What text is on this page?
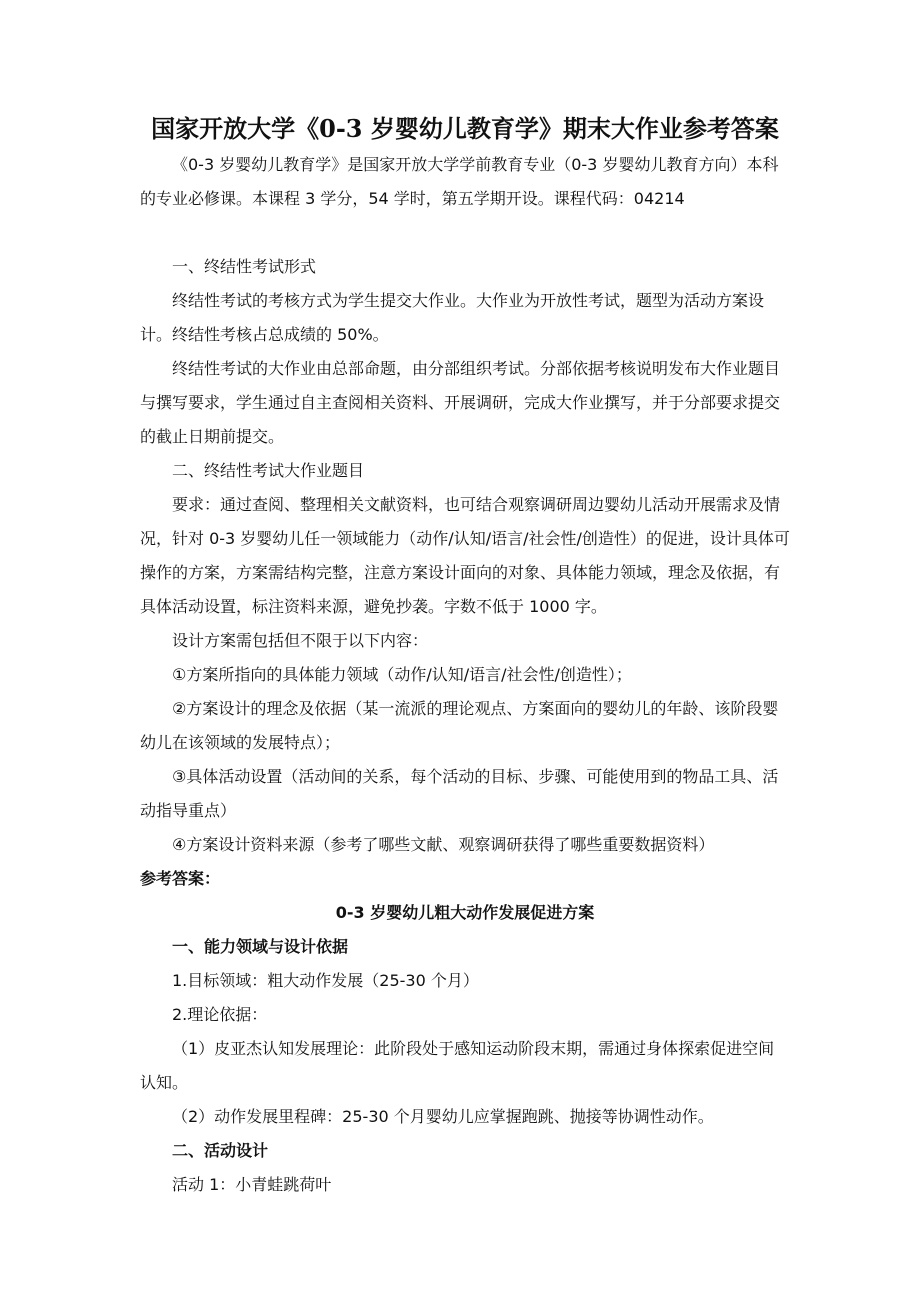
国家开放大学《0-3 岁婴幼儿教育学》期末大作业参考答案

《0-3 岁婴幼儿教育学》是国家开放大学学前教育专业（0-3 岁婴幼儿教育方向）本科的专业必修课。本课程 3 学分，54 学时，第五学期开设。课程代码：04214

一、终结性考试形式

终结性考试的考核方式为学生提交大作业。大作业为开放性考试，题型为活动方案设计。终结性考核占总成绩的 50%。

终结性考试的大作业由总部命题，由分部组织考试。分部依据考核说明发布大作业题目与撰写要求，学生通过自主查阅相关资料、开展调研，完成大作业撰写，并于分部要求提交的截止日期前提交。

二、终结性考试大作业题目

要求：通过查阅、整理相关文献资料，也可结合观察调研周边婴幼儿活动开展需求及情况，针对 0-3 岁婴幼儿任一领域能力（动作/认知/语言/社会性/创造性）的促进，设计具体可操作的方案，方案需结构完整，注意方案设计面向的对象、具体能力领域，理念及依据，有具体活动设置，标注资料来源，避免抄袭。字数不低于 1000 字。

设计方案需包括但不限于以下内容：

①方案所指向的具体能力领域（动作/认知/语言/社会性/创造性）；

②方案设计的理念及依据（某一流派的理论观点、方案面向的婴幼儿的年龄、该阶段婴幼儿在该领域的发展特点）；

③具体活动设置（活动间的关系，每个活动的目标、步骤、可能使用到的物品工具、活动指导重点）

④方案设计资料来源（参考了哪些文献、观察调研获得了哪些重要数据资料）

参考答案：

0-3 岁婴幼儿粗大动作发展促进方案

一、能力领域与设计依据

1.目标领域：粗大动作发展（25-30 个月）

2.理论依据：

（1）皮亚杰认知发展理论：此阶段处于感知运动阶段末期，需通过身体探索促进空间认知。

（2）动作发展里程碑：25-30 个月婴幼儿应掌握跑跳、抛接等协调性动作。

二、活动设计

活动 1：小青蛙跳荷叶
